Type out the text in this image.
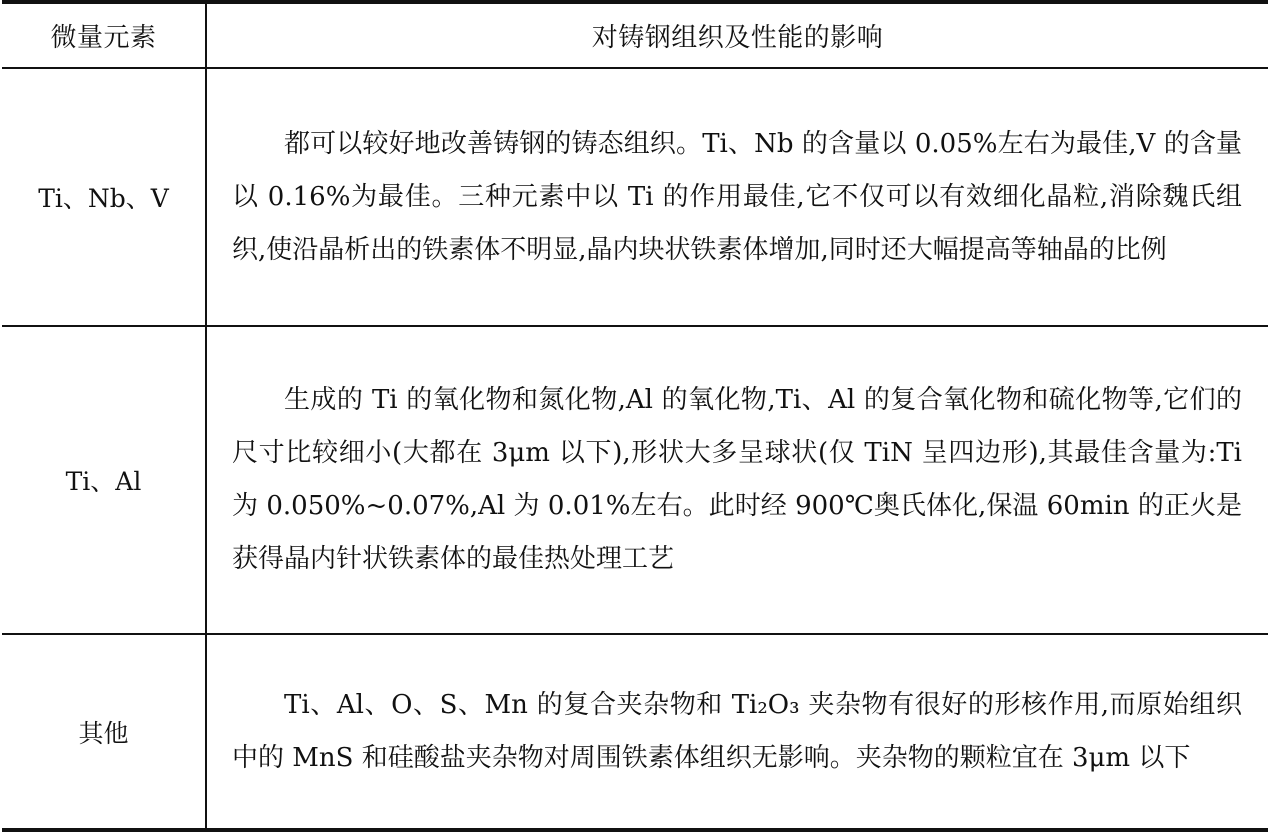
微量元素	对铸钢组织及性能的影响
Ti、Nb、V	都可以较好地改善铸钢的铸态组织。Ti、Nb 的含量以 0.05%左右为最佳,V 的含量以 0.16%为最佳。三种元素中以 Ti 的作用最佳,它不仅可以有效细化晶粒,消除魏氏组织,使沿晶析出的铁素体不明显,晶内块状铁素体增加,同时还大幅提高等轴晶的比例
Ti、Al	生成的 Ti 的氧化物和氮化物,Al 的氧化物,Ti、Al 的复合氧化物和硫化物等,它们的尺寸比较细小(大都在 3μm 以下),形状大多呈球状(仅 TiN 呈四边形),其最佳含量为:Ti 为 0.050%~0.07%,Al 为 0.01%左右。此时经 900℃奥氏体化,保温 60min 的正火是获得晶内针状铁素体的最佳热处理工艺
其他	Ti、Al、O、S、Mn 的复合夹杂物和 Ti₂O₃ 夹杂物有很好的形核作用,而原始组织中的 MnS 和硅酸盐夹杂物对周围铁素体组织无影响。夹杂物的颗粒宜在 3μm 以下
